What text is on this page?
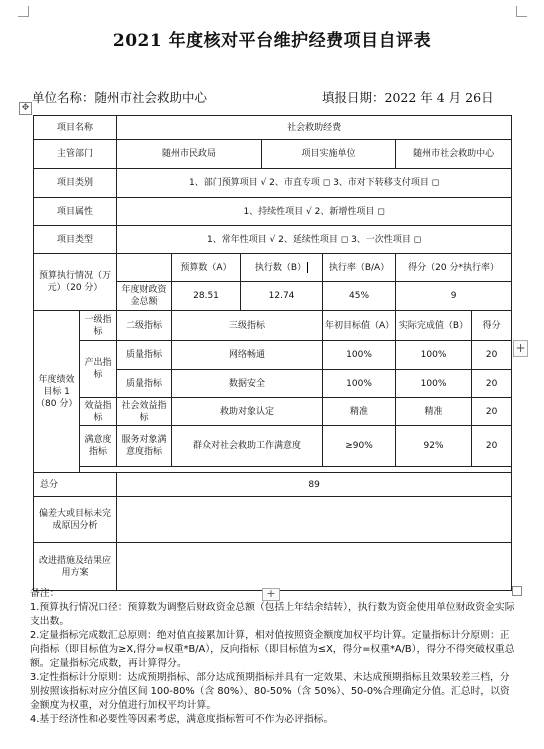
2021 年度核对平台维护经费项目自评表
单位名称：随州市社会救助中心	填报日期：2022 年 4 月 26日
✥
项目名称		社会救助经费						
主管部门		随州市民政局			项目实施单位		随州市社会救助中心	
项目类别		1、部门预算项目 √ 2、市直专项 ◻ 3、市对下转移支付项目 ◻						
项目属性		1、持续性项目 √ 2、新增性项目 ◻						
项目类型		1、常年性项目 √ 2、延续性项目 ◻ 3、一次性项目 ◻						
预算执行情况（万元）（20 分）			预算数（A）	执行数（B）		执行率（B/A）	得分（20 分*执行率）	
		年度财政资金总额	28.51	12.74		45%	9	
年度绩效目标 1（80 分）	一级指标	二级指标	三级指标			年初目标值（A）	实际完成值（B）	得分
	产出指标	质量指标	网络畅通			100%	100%	20
		质量指标	数据安全			100%	100%	20
	效益指标	社会效益指标	救助对象认定			精准	精准	20
	满意度指标	服务对象满意度指标	群众对社会救助工作满意度			≥90%	92%	20

总分		89						
偏差大或目标未完成原因分析								
改进措施及结果应用方案								
+
+

备注：

1.预算执行情况口径：预算数为调整后财政资金总额（包括上年结余结转），执行数为资金使用单位财政资金实际支出数。

2.定量指标完成数汇总原则：绝对值直接累加计算，相对值按照资金额度加权平均计算。定量指标计分原则：正向指标（即目标值为≥X,得分=权重*B/A），反向指标（即目标值为≤X，得分=权重*A/B），得分不得突破权重总额。定量指标完成数，再计算得分。

3.定性指标计分原则：达成预期指标、部分达成预期指标并具有一定效果、未达成预期指标且效果较差三档，分别按照该指标对应分值区间 100-80%（含 80%）、80-50%（含 50%）、50-0%合理确定分值。汇总时，以资金额度为权重，对分值进行加权平均计算。

4.基于经济性和必要性等因素考虑，满意度指标暂可不作为必评指标。
